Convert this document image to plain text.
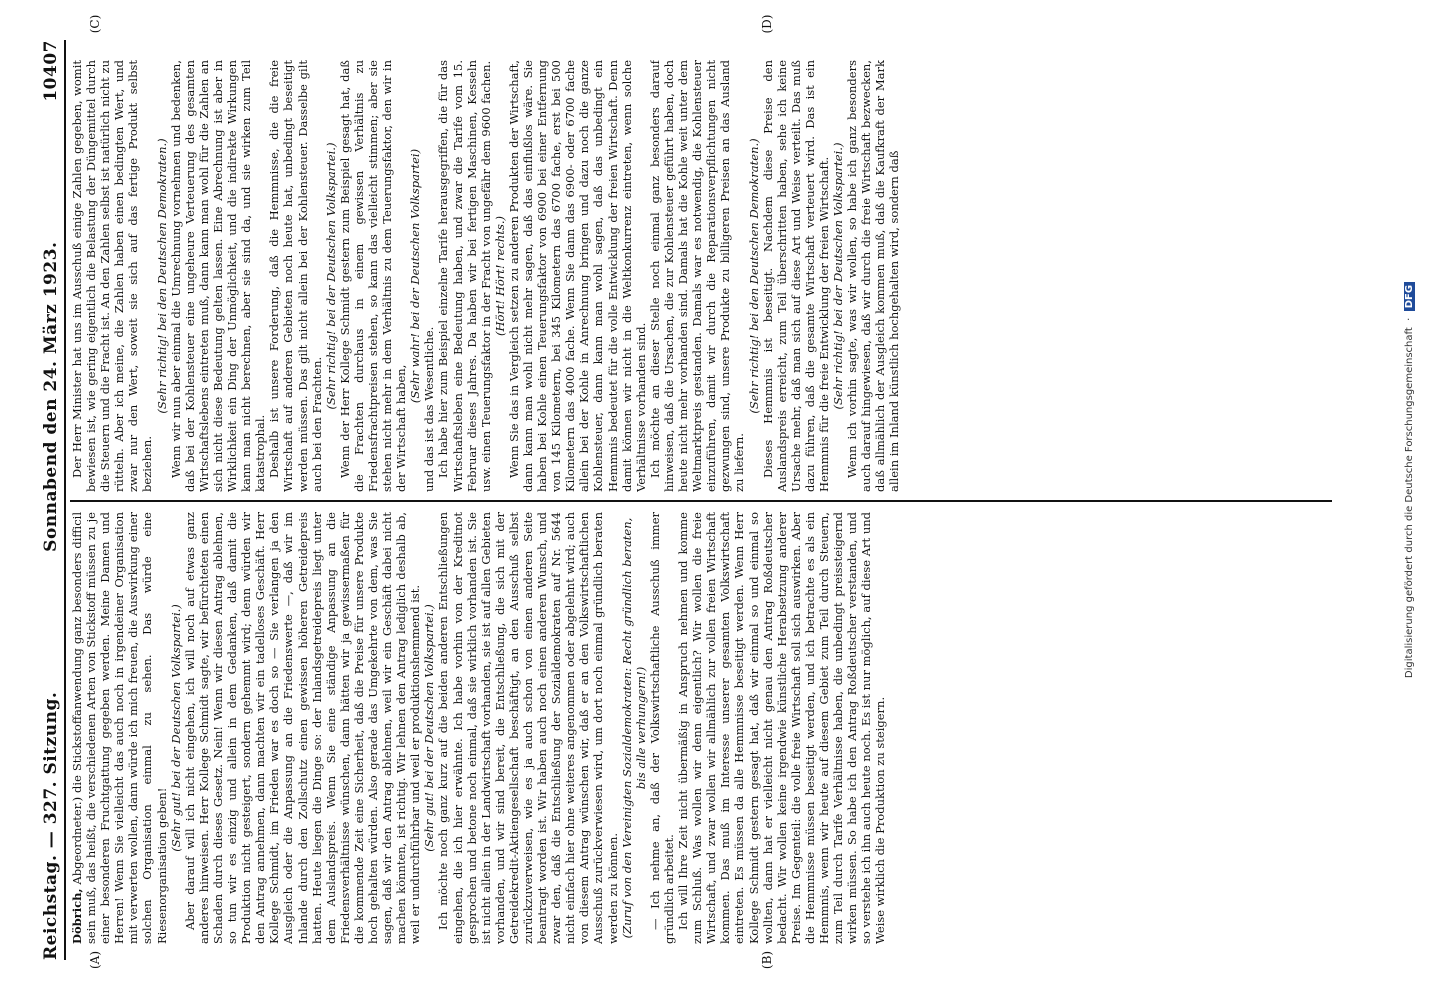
Reichstag. — 327. Sitzung.
Sonnabend den 24. März 1923.
10407
(A)	(B)
(C)	(D)

Döbrich, Abgeordneter.) die Stickstoffanwendung ganz besonders difficil sein muß, das heißt, die verschiedenen Arten von Stickstoff müssen zu je einer besonderen Fruchtgattung gegeben werden. Meine Damen und Herren! Wenn Sie vielleicht das auch noch in irgendeiner Organisation mit verwerten wollen, dann würde ich mich freuen, die Auswirkung einer solchen Organisation einmal zu sehen. Das würde eine Riesenorganisation geben!

(Sehr gut! bei der Deutschen Volkspartei.) Aber darauf will ich nicht eingehen, ich will noch auf etwas ganz anderes hinweisen. Herr Kollege Schmidt sagte, wir befürchteten einen Schaden durch dieses Gesetz. Nein! Wenn wir diesen Antrag ablehnen, so tun wir es einzig und allein in dem Gedanken, daß damit die Produktion nicht gesteigert, sondern gehemmt wird; denn würden wir den Antrag annehmen, dann machten wir ein tadelloses Geschäft. Herr Kollege Schmidt, im Frieden war es doch so — Sie verlangen ja den Ausgleich oder die Anpassung an die Friedenswerte —, daß wir im Inlande durch den Zollschutz einen gewissen höheren Getreidepreis hatten. Heute liegen die Dinge so: der Inlandsgetreidepreis liegt unter dem Auslandspreis. Wenn Sie eine ständige Anpassung an die Friedensverhältnisse wünschen, dann hätten wir ja gewissermaßen für die kommende Zeit eine Sicherheit, daß die Preise für unsere Produkte hoch gehalten würden. Also gerade das Umgekehrte von dem, was Sie sagen, daß wir den Antrag ablehnen, weil wir ein Geschäft dabei nicht machen könnten, ist richtig. Wir lehnen den Antrag lediglich deshalb ab, weil er undurchführbar und weil er produktionshemmend ist. (Sehr gut! bei der Deutschen Volkspartei.) Ich möchte noch ganz kurz auf die beiden anderen Entschließungen eingehen, die ich hier erwähnte. Ich habe vorhin von der Kreditnot gesprochen und betone noch einmal, daß sie wirklich vorhanden ist. Sie ist nicht allein in der Landwirtschaft vorhanden, sie ist auf allen Gebieten vorhanden, und wir sind bereit, die Entschließung, die sich mit der Getreidekredit-Aktiengesellschaft beschäftigt, an den Ausschuß selbst zurückzuverweisen, wie es ja auch schon von einen anderen Seite beantragt worden ist. Wir haben auch noch einen anderen Wunsch, und zwar den, daß die Entschließung der Sozialdemokraten auf Nr. 5644 nicht einfach hier ohne weiteres angenommen oder abgelehnt wird; auch von diesem Antrag wünschen wir, daß er an den Volkswirtschaftlichen Ausschuß zurückverwiesen wird, um dort noch einmal gründlich beraten werden zu können. (Zuruf von den Vereinigten Sozialdemokraten: Recht gründlich beraten, bis alle verhungern!) — Ich nehme an, daß der Volkswirtschaftliche Ausschuß immer gründlich arbeitet. Ich will Ihre Zeit nicht übermäßig in Anspruch nehmen und komme zum Schluß. Was wollen wir denn eigentlich? Wir wollen die freie Wirtschaft, und zwar wollen wir allmählich zur vollen freien Wirtschaft kommen. Das muß im Interesse unserer gesamten Volkswirtschaft eintreten. Es müssen da alle Hemmnisse beseitigt werden. Wenn Herr Kollege Schmidt gestern gesagt hat, daß wir einmal so und einmal so wollten, dann hat er vielleicht nicht genau den Antrag Roßdeutscher bedacht. Wir wollen keine irgendwie künstliche Herabsetzung anderer Preise. Im Gegenteil: die volle freie Wirtschaft soll sich auswirken. Aber die Hemmnisse müssen beseitigt werden, und ich betrachte es als ein Hemmnis, wenn wir heute auf diesem Gebiet zum Teil durch Steuern, zum Teil durch Tarife Verhältnisse haben, die unbedingt preissteigernd wirken müssen. So habe ich den Antrag Roßdeutscher verstanden, und so verstehe ich ihn auch heute noch. Es ist nur möglich, auf diese Art und Weise wirklich die Produktion zu steigern.

Der Herr Minister hat uns im Ausschuß einige Zahlen gegeben, womit bewiesen ist, wie gering eigentlich die Belastung der Düngemittel durch die Steuern und die Fracht ist. An den Zahlen selbst ist natürlich nicht zu rütteln. Aber ich meine, die Zahlen haben einen bedingten Wert, und zwar nur den Wert, soweit sie sich auf das fertige Produkt selbst beziehen.

(Sehr richtig! bei den Deutschen Demokraten.) Wenn wir nun aber einmal die Umrechnung vornehmen und bedenken, daß bei der Kohlensteuer eine ungeheure Verteuerung des gesamten Wirtschaftslebens eintreten muß, dann kann man wohl für die Zahlen an sich nicht diese Bedeutung gelten lassen. Eine Abrechnung ist aber in Wirklichkeit ein Ding der Unmöglichkeit, und die indirekte Wirkungen kann man nicht berechnen, aber sie sind da, und sie wirken zum Teil katastrophal. Deshalb ist unsere Forderung, daß die Hemmnisse, die die freie Wirtschaft auf anderen Gebieten noch heute hat, unbedingt beseitigt werden müssen. Das gilt nicht allein bei der Kohlensteuer. Dasselbe gilt auch bei den Frachten.

(Sehr richtig! bei der Deutschen Volkspartei.) Wenn der Herr Kollege Schmidt gestern zum Beispiel gesagt hat, daß die Frachten durchaus in einem gewissen Verhältnis zu Friedensfrachtpreisen stehen, so kann das vielleicht stimmen; aber sie stehen nicht mehr in dem Verhältnis zu dem Teuerungsfaktor, den wir in der Wirtschaft haben,

(Sehr wahr! bei der Deutschen Volkspartei)

und das ist das Wesentliche. Ich habe hier zum Beispiel einzelne Tarife herausgegriffen, die für das Wirtschaftsleben eine Bedeutung haben, und zwar die Tarife vom 15. Februar dieses Jahres. Da haben wir bei fertigen Maschinen, Kesseln usw. einen Teuerungsfaktor in der Fracht von ungefähr dem 9600 fachen. (Hört! Hört! rechts.) Wenn Sie das in Vergleich setzen zu anderen Produkten der Wirtschaft, dann kann man wohl nicht mehr sagen, daß das einflußlos wäre. Sie haben bei Kohle einen Teuerungsfaktor von 6900 bei einer Entfernung von 145 Kilometern, bei 345 Kilometern das 6700 fache, erst bei 500 Kilometern das 4000 fache. Wenn Sie dann das 6900- oder 6700 fache allein bei der Kohle in Anrechnung bringen und dazu noch die ganze Kohlensteuer, dann kann man wohl sagen, daß das unbedingt ein Hemmnis bedeutet für die volle Entwicklung der freien Wirtschaft. Denn damit können wir nicht in die Weltkonkurrenz eintreten, wenn solche Verhältnisse vorhanden sind. Ich möchte an dieser Stelle noch einmal ganz besonders darauf hinweisen, daß die Ursachen, die zur Kohlensteuer geführt haben, doch heute nicht mehr vorhanden sind. Damals hat die Kohle weit unter dem Weltmarktpreis gestanden. Damals war es notwendig, die Kohlensteuer einzuführen, damit wir durch die Reparationsverpflichtungen nicht gezwungen sind, unsere Produkte zu billigeren Preisen an das Ausland zu liefern.

(Sehr richtig! bei den Deutschen Demokraten.) Dieses Hemmnis ist beseitigt. Nachdem diese Preise den Auslandspreis erreicht, zum Teil überschritten haben, sehe ich keine Ursache mehr, daß man sich auf diese Art und Weise verteilt. Das muß dazu führen, daß die gesamte Wirtschaft verteuert wird. Das ist ein Hemmnis für die freie Entwicklung der freien Wirtschaft. (Sehr richtig! bei der Deutschen Volkspartei.) Wenn ich vorhin sagte, was wir wollen, so habe ich ganz besonders auch darauf hingewiesen, daß wir durch die freie Wirtschaft bezwecken, daß allmählich der Ausgleich kommen muß, daß die Kaufkraft der Mark allein im Inland künstlich hochgehalten wird, sondern daß

Digitalisierung gefördert durch die Deutsche Forschungsgemeinschaft  ·  DFG
